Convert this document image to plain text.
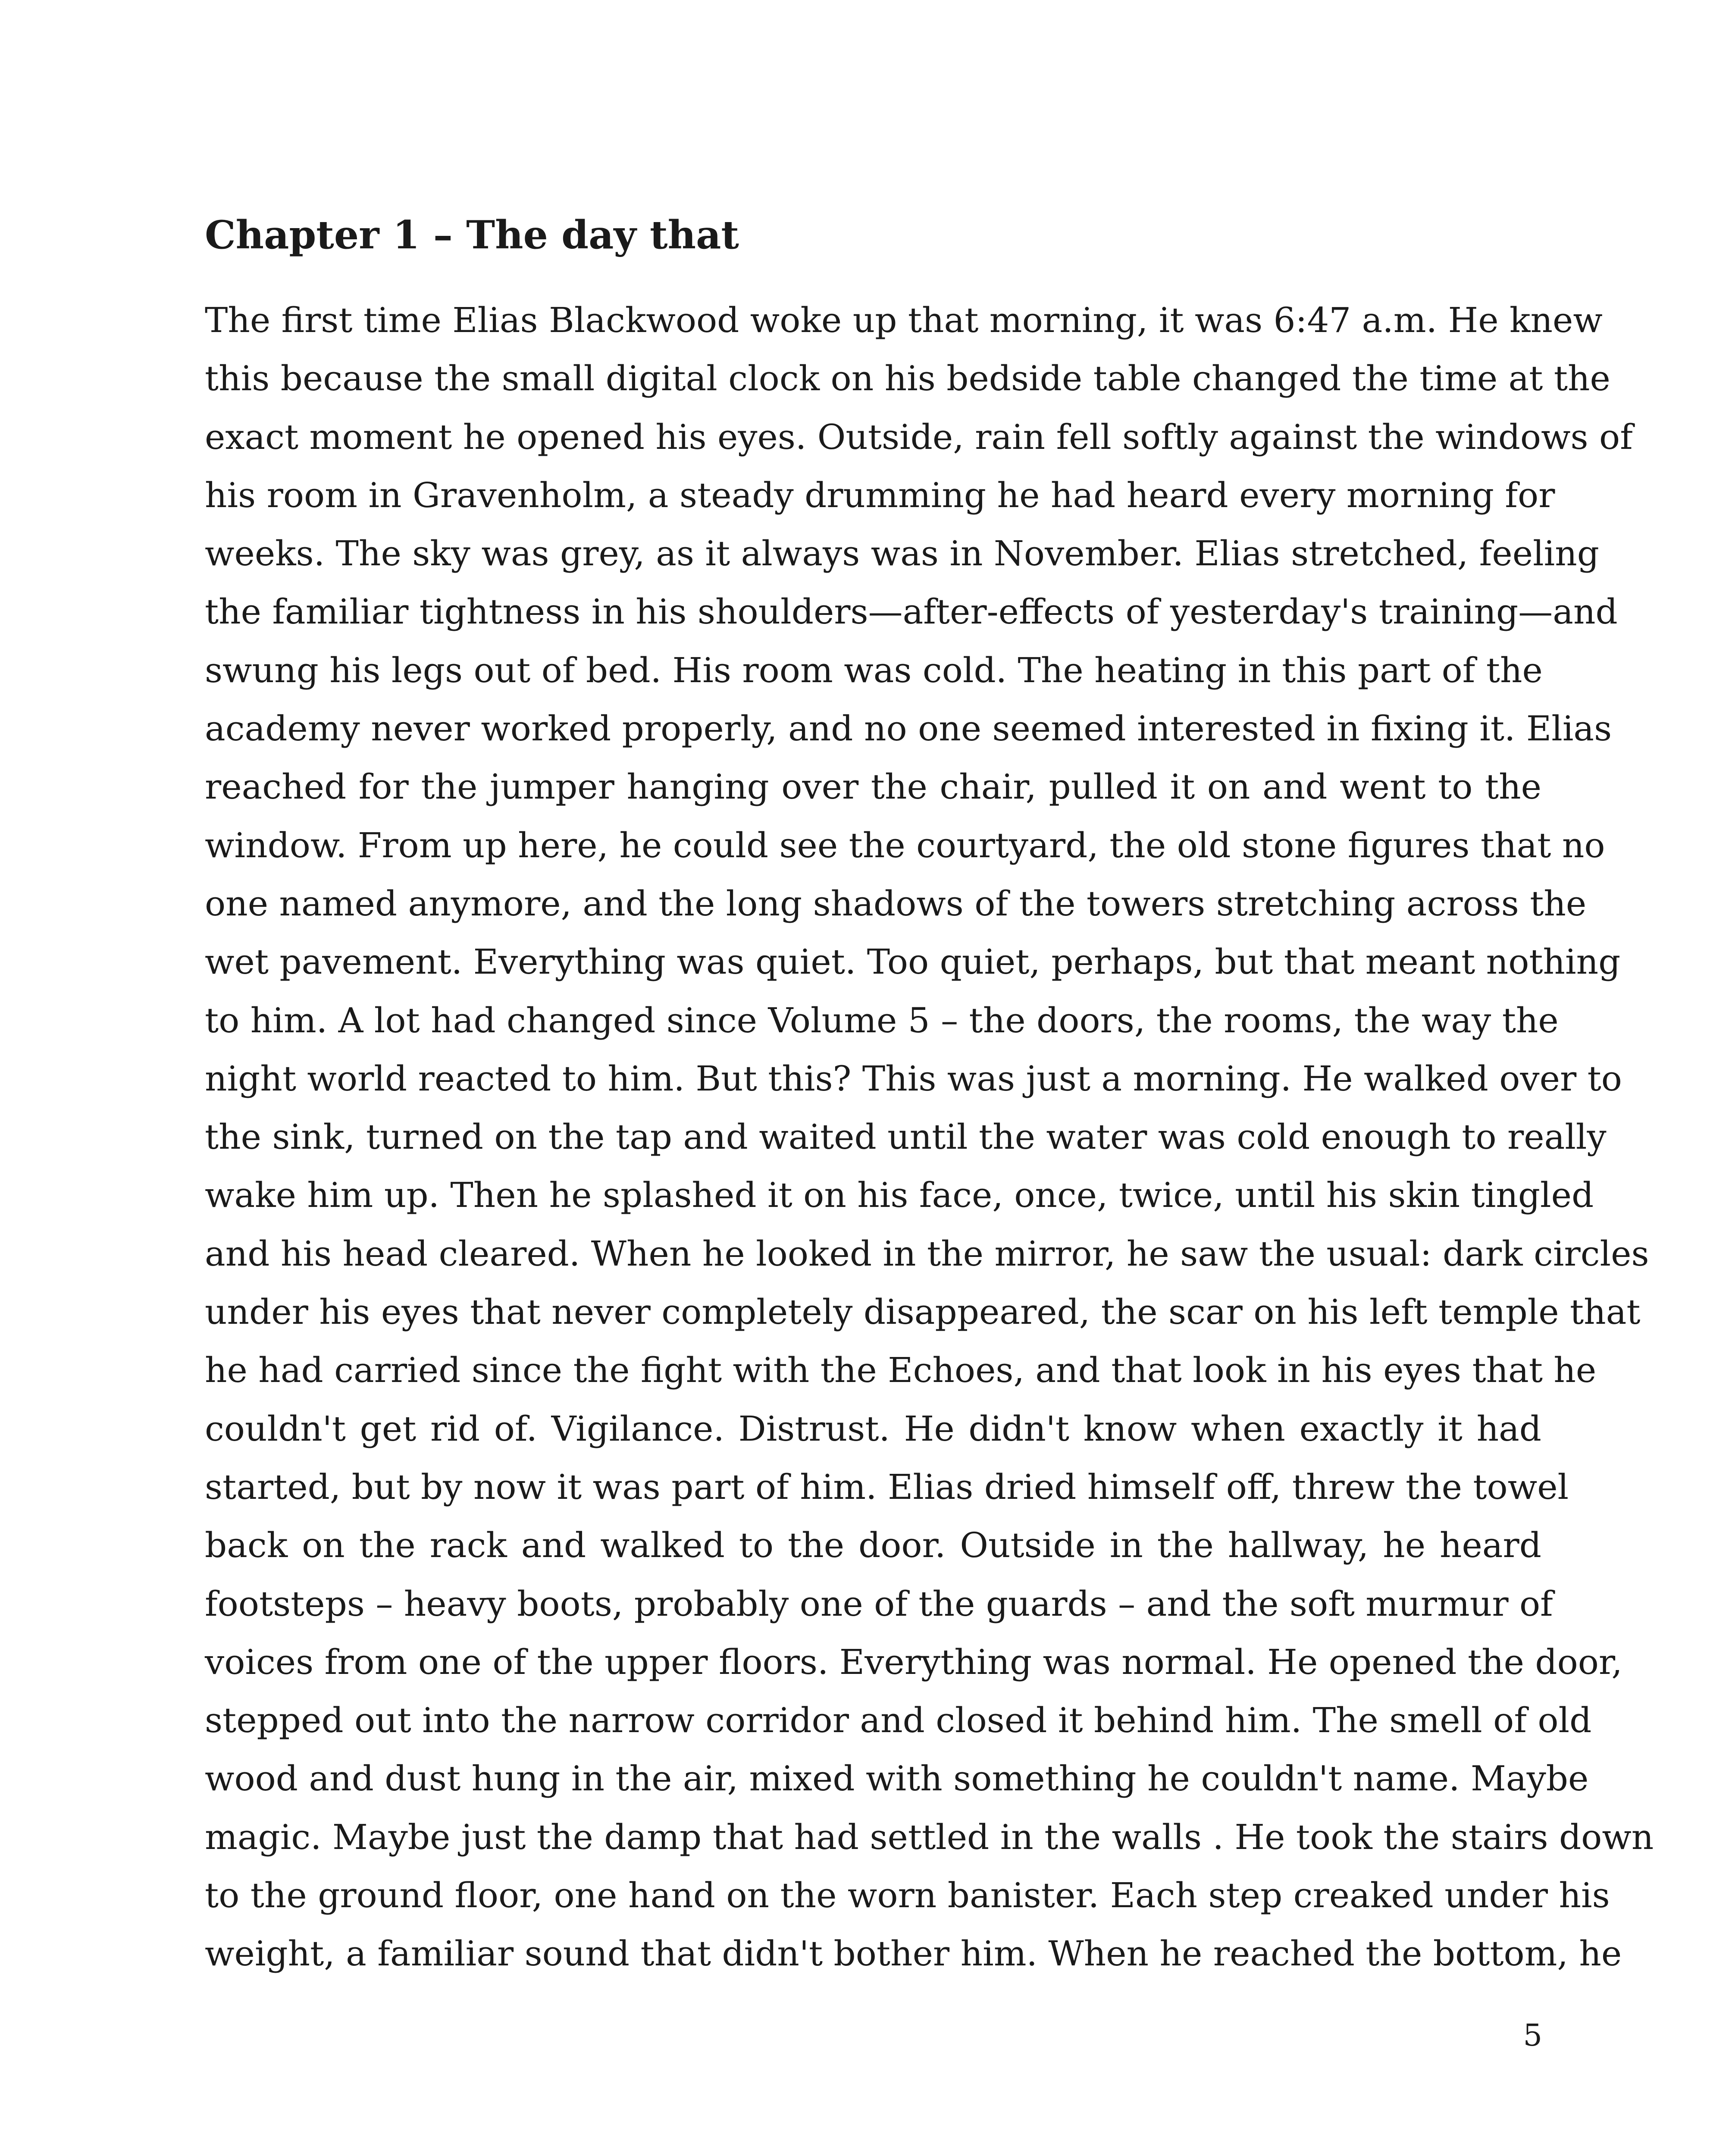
Chapter 1 – The day that
The first time Elias Blackwood woke up that morning, it was 6:47 a.m. He knew
this because the small digital clock on his bedside table changed the time at the
exact moment he opened his eyes. Outside, rain fell softly against the windows of
his room in Gravenholm, a steady drumming he had heard every morning for
weeks. The sky was grey, as it always was in November. Elias stretched, feeling
the familiar tightness in his shoulders—after-effects of yesterday's training—and
swung his legs out of bed. His room was cold. The heating in this part of the
academy never worked properly, and no one seemed interested in fixing it. Elias
reached for the jumper hanging over the chair, pulled it on and went to the
window. From up here, he could see the courtyard, the old stone figures that no
one named anymore, and the long shadows of the towers stretching across the
wet pavement. Everything was quiet. Too quiet, perhaps, but that meant nothing
to him. A lot had changed since Volume 5 – the doors, the rooms, the way the
night world reacted to him. But this? This was just a morning. He walked over to
the sink, turned on the tap and waited until the water was cold enough to really
wake him up. Then he splashed it on his face, once, twice, until his skin tingled
and his head cleared. When he looked in the mirror, he saw the usual: dark circles
under his eyes that never completely disappeared, the scar on his left temple that
he had carried since the fight with the Echoes, and that look in his eyes that he
couldn't get rid of. Vigilance. Distrust. He didn't know when exactly it had
started, but by now it was part of him. Elias dried himself off, threw the towel
back on the rack and walked to the door. Outside in the hallway, he heard
footsteps – heavy boots, probably one of the guards – and the soft murmur of
voices from one of the upper floors. Everything was normal. He opened the door,
stepped out into the narrow corridor and closed it behind him. The smell of old
wood and dust hung in the air, mixed with something he couldn't name. Maybe
magic. Maybe just the damp that had settled in the walls . He took the stairs down
to the ground floor, one hand on the worn banister. Each step creaked under his
weight, a familiar sound that didn't bother him. When he reached the bottom, he

5
